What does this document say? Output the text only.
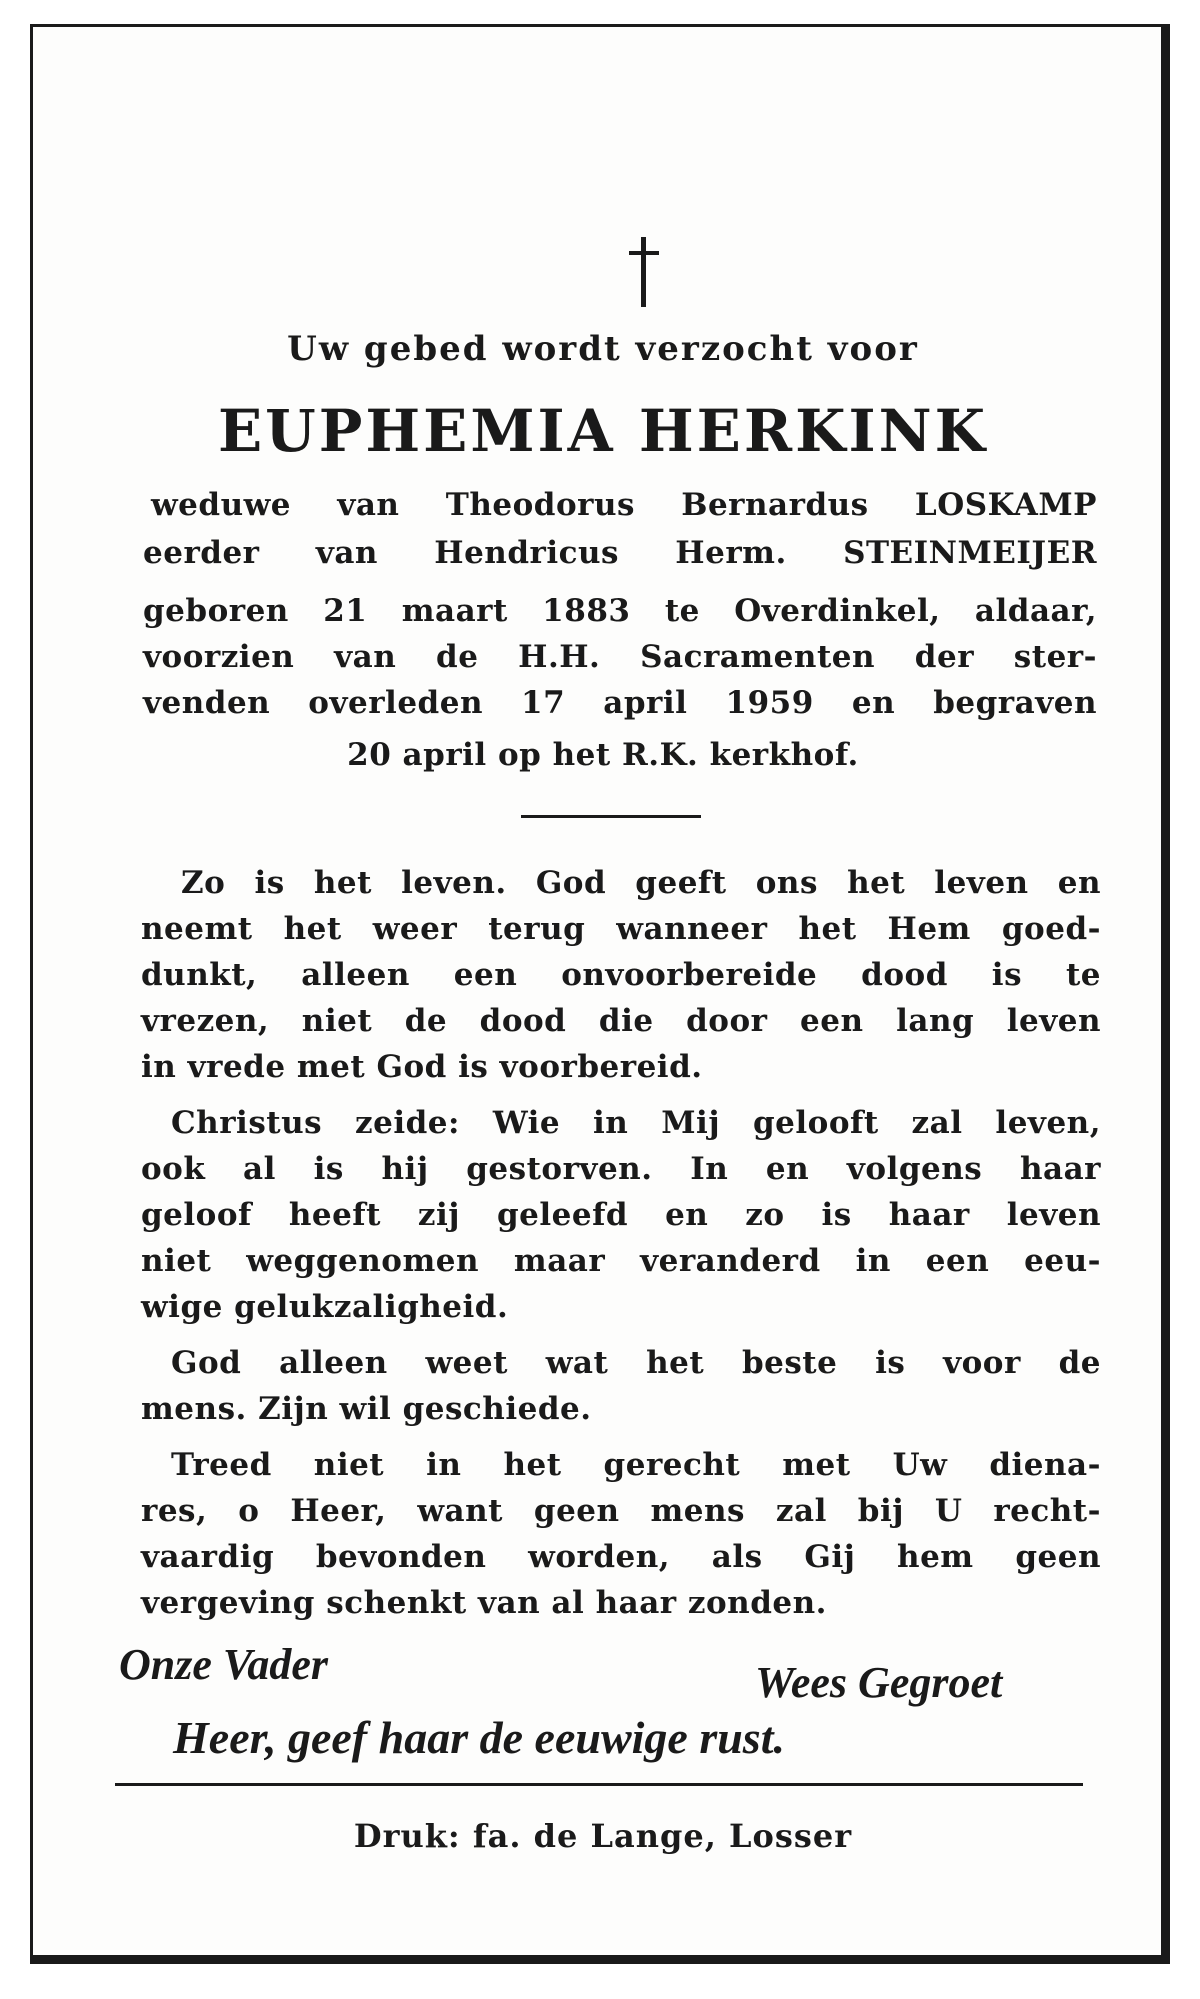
Uw gebed wordt verzocht voor
EUPHEMIA HERKINK
weduwe van Theodorus Bernardus LOSKAMP
eerder van Hendricus Herm. STEINMEIJER
geboren 21 maart 1883 te Overdinkel, aldaar,
voorzien van de H.H. Sacramenten der ster-
venden overleden 17 april 1959 en begraven
20 april op het R.K. kerkhof.
Zo is het leven. God geeft ons het leven en
neemt het weer terug wanneer het Hem goed-
dunkt, alleen een onvoorbereide dood is te
vrezen, niet de dood die door een lang leven
in vrede met God is voorbereid.
Christus zeide: Wie in Mij gelooft zal leven,
ook al is hij gestorven. In en volgens haar
geloof heeft zij geleefd en zo is haar leven
niet weggenomen maar veranderd in een eeu-
wige gelukzaligheid.
God alleen weet wat het beste is voor de
mens. Zijn wil geschiede.
Treed niet in het gerecht met Uw diena-
res, o Heer, want geen mens zal bij U recht-
vaardig bevonden worden, als Gij hem geen
vergeving schenkt van al haar zonden.
Onze Vader	Wees Gegroet
Heer, geef haar de eeuwige rust.
Druk: fa. de Lange, Losser
